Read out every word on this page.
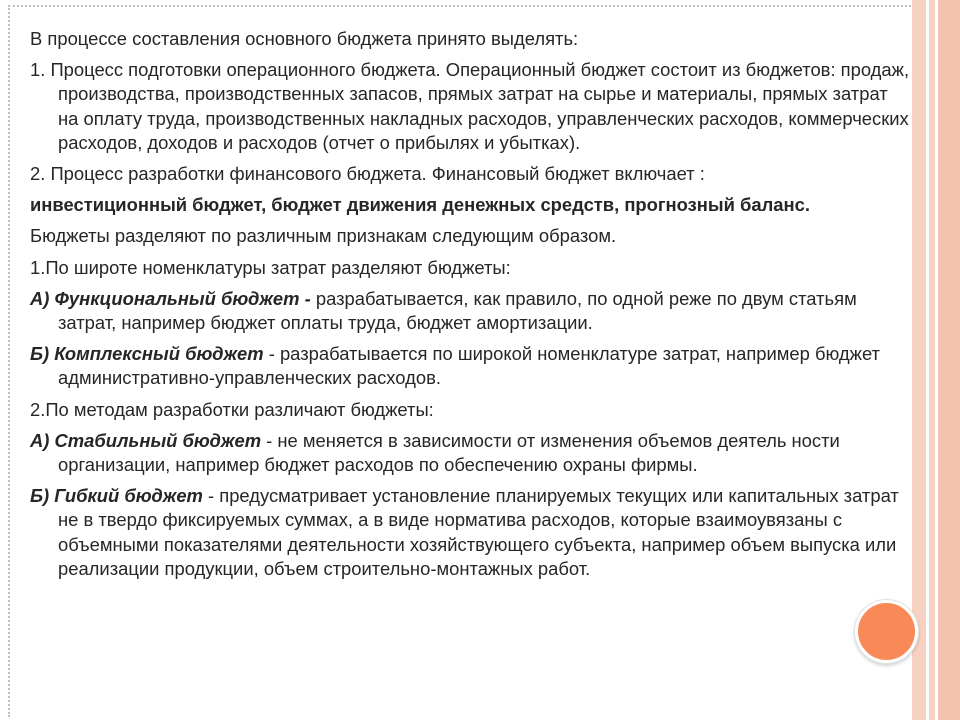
В процессе составления основного бюджета принято выделять:

1. Процесс подготовки операционного бюджета. Операционный бюджет состоит из бюджетов: продаж, производства, производственных запасов, прямых затрат на сырье и материалы, прямых затрат на оплату труда, производственных накладных расходов, управленческих расходов, коммерческих расходов, доходов и расходов (отчет о прибылях и убытках).

2. Процесс разработки финансового бюджета. Финансовый бюджет включает :

инвестиционный бюджет, бюджет движения денежных средств, прогнозный баланс.

Бюджеты разделяют по различным признакам следующим образом.

1.По широте номенклатуры затрат разделяют бюджеты:

А) Функциональный бюджет - разрабатывается, как правило, по одной реже по двум статьям затрат, например бюджет оплаты труда, бюджет амортизации.

Б) Комплексный бюджет - разрабатывается по широкой номенклатуре затрат, например бюджет административно-управленческих расходов.

2.По методам разработки различают бюджеты:

А) Стабильный бюджет - не меняется в зависимости от изменения объемов деятель ности организации, например бюджет расходов по обеспечению охраны фирмы.

Б) Гибкий бюджет - предусматривает установление планируемых текущих или капитальных затрат не в твердо фиксируемых суммах, а в виде норматива расходов, которые взаимоувязаны с объемными показателями деятельности хозяйствующего субъекта, например объем выпуска или реализации продукции, объем строительно-монтажных работ.
